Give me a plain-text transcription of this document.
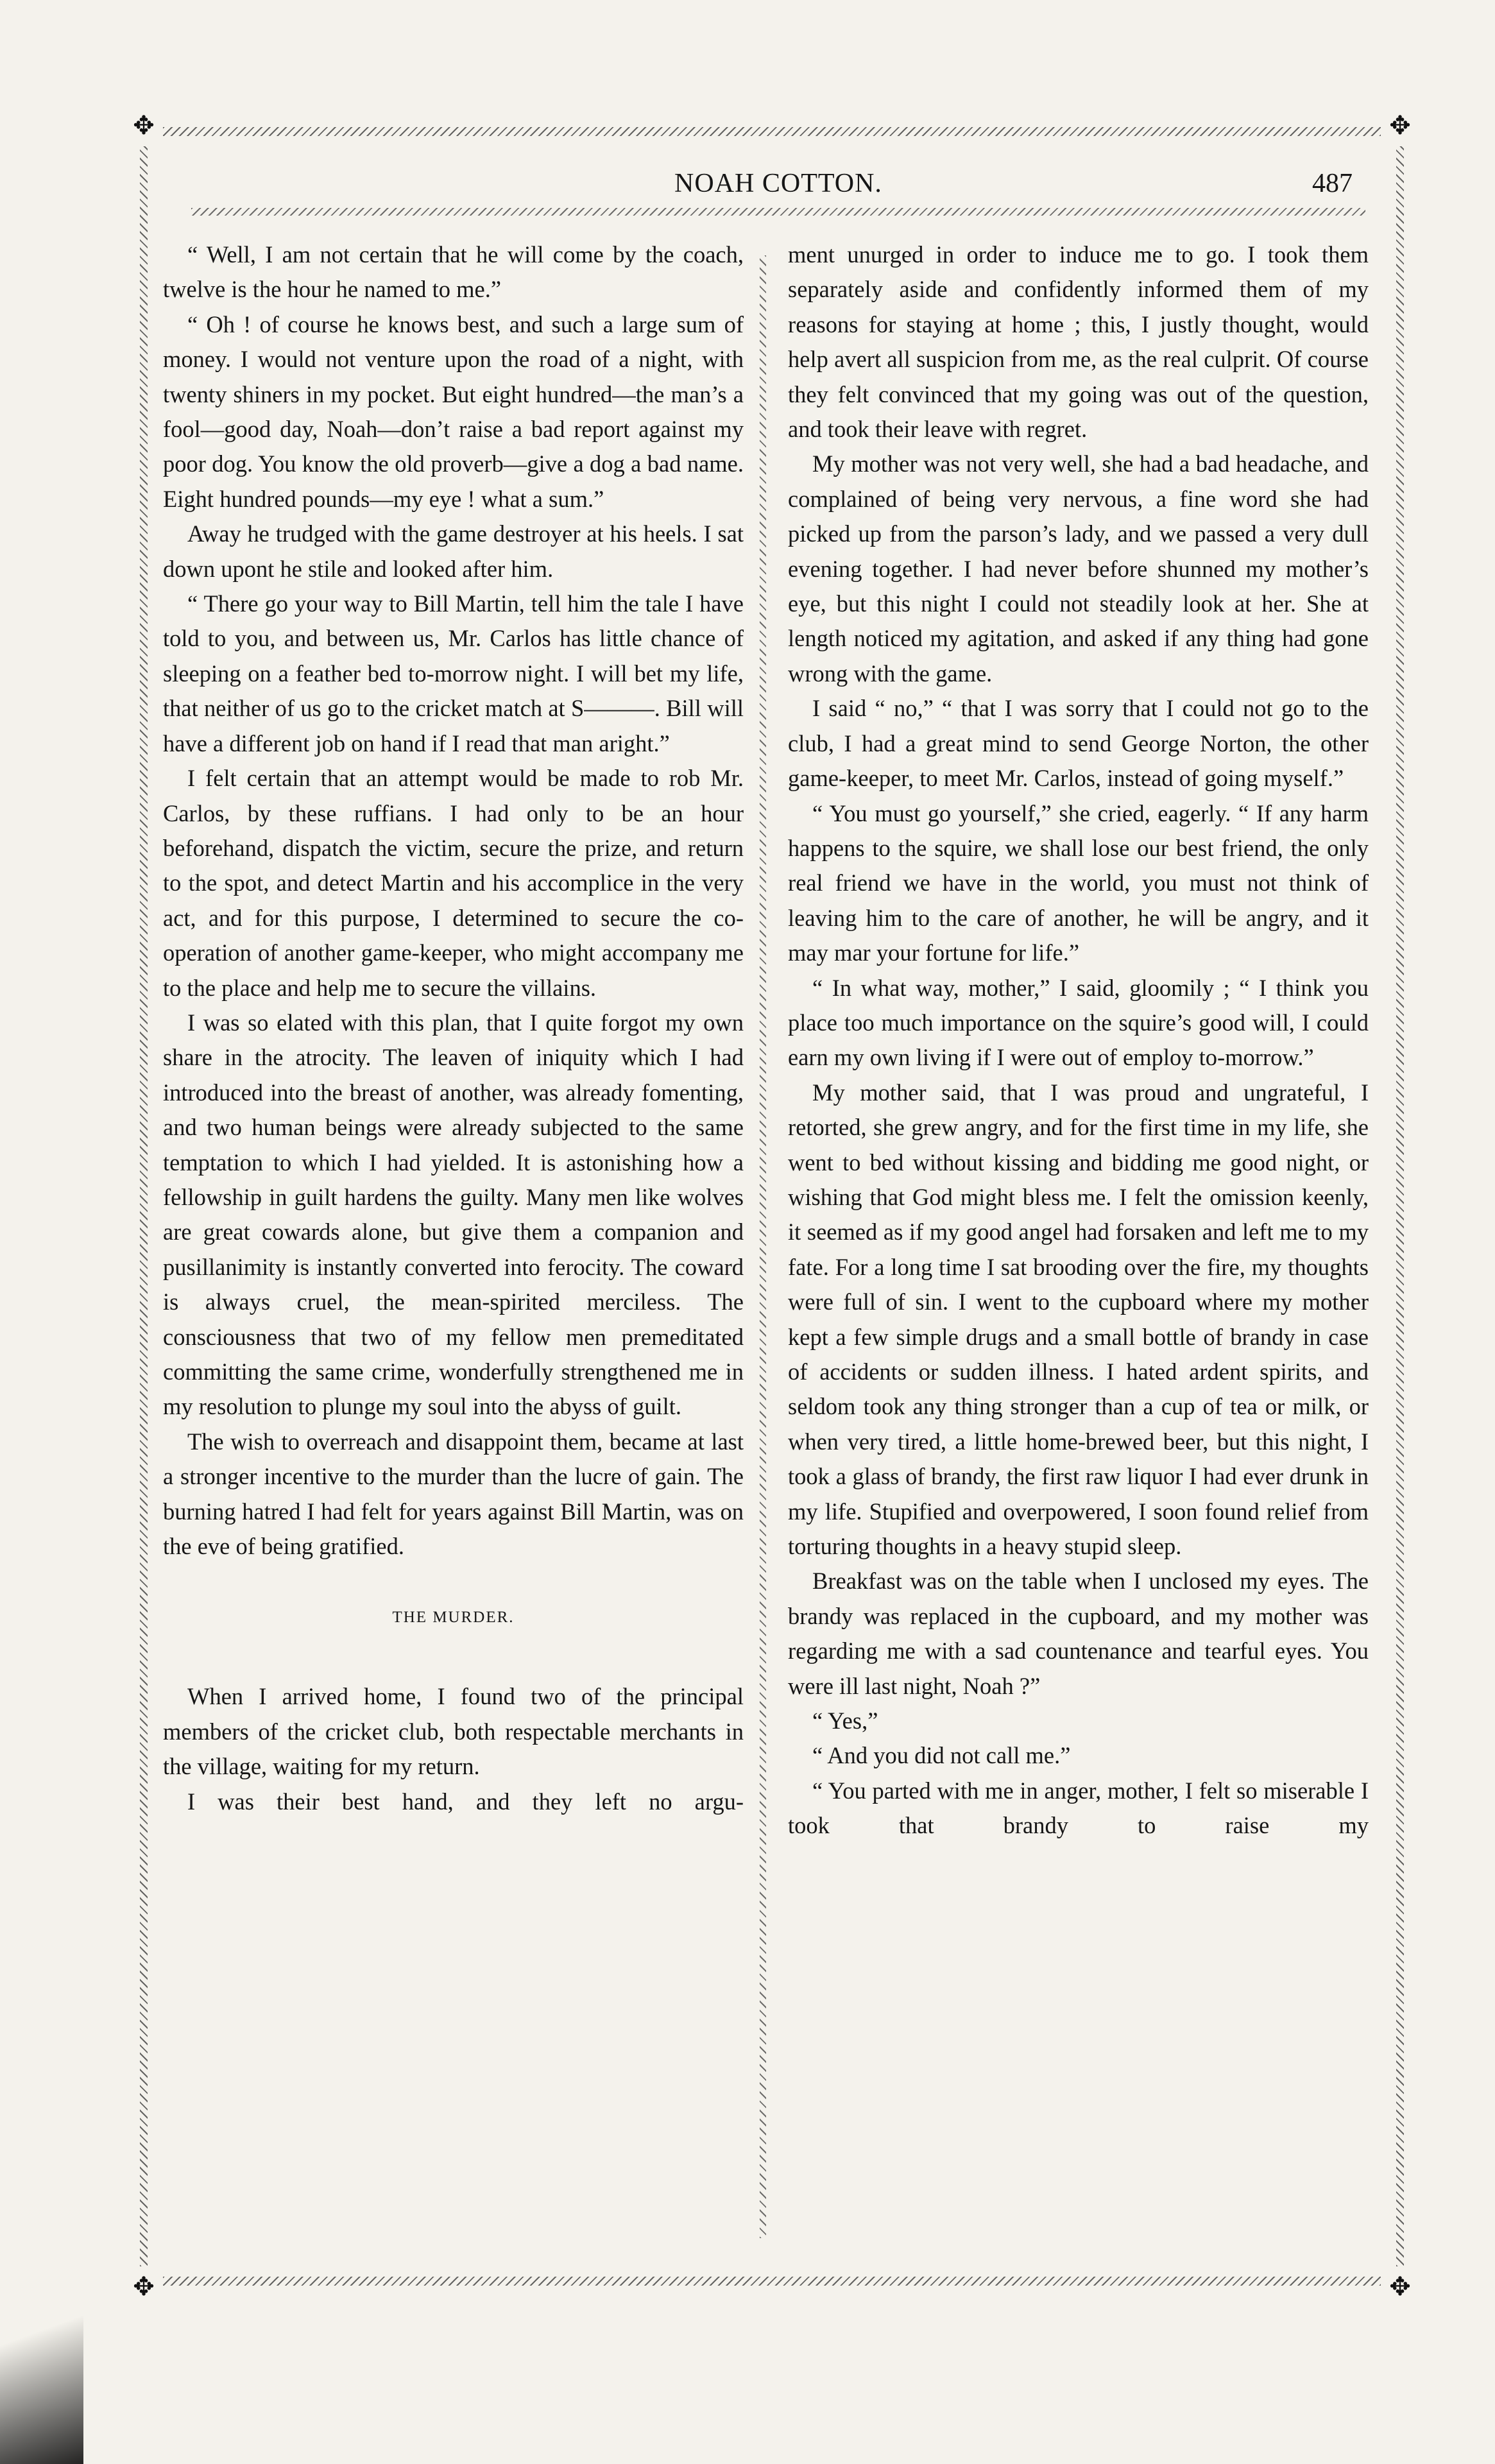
✥	✥
✥	✥
NOAH COTTON.	487

“ Well, I am not certain that he will come by the coach, twelve is the hour he named to me.”

“ Oh ! of course he knows best, and such a large sum of money. I would not venture upon the road of a night, with twenty shiners in my pocket. But eight hundred—the man’s a fool—good day, Noah—don’t raise a bad report against my poor dog. You know the old proverb—give a dog a bad name. Eight hundred pounds—my eye ! what a sum.”

Away he trudged with the game destroyer at his heels. I sat down upont he stile and looked after him.

“ There go your way to Bill Martin, tell him the tale I have told to you, and between us, Mr. Carlos has little chance of sleeping on a feather bed to-morrow night. I will bet my life, that neither of us go to the cricket match at S———. Bill will have a different job on hand if I read that man aright.”

I felt certain that an attempt would be made to rob Mr. Carlos, by these ruffians. I had only to be an hour beforehand, dispatch the victim, secure the prize, and return to the spot, and detect Martin and his accomplice in the very act, and for this purpose, I determined to secure the co-operation of another game-keeper, who might accompany me to the place and help me to secure the villains.

I was so elated with this plan, that I quite forgot my own share in the atrocity. The leaven of iniquity which I had introduced into the breast of another, was already fomenting, and two human beings were already subjected to the same temptation to which I had yielded. It is astonishing how a fellowship in guilt hardens the guilty. Many men like wolves are great cowards alone, but give them a companion and pusillanimity is instantly converted into ferocity. The coward is always cruel, the mean-spirited merciless. The consciousness that two of my fellow men premeditated committing the same crime, wonderfully strengthened me in my resolution to plunge my soul into the abyss of guilt.

The wish to overreach and disappoint them, became at last a stronger incentive to the murder than the lucre of gain. The burning hatred I had felt for years against Bill Martin, was on the eve of being gratified.

THE MURDER.

When I arrived home, I found two of the principal members of the cricket club, both respectable merchants in the village, waiting for my return.

I was their best hand, and they left no argu-

ment unurged in order to induce me to go. I took them separately aside and confidently informed them of my reasons for staying at home ; this, I justly thought, would help avert all suspicion from me, as the real culprit. Of course they felt convinced that my going was out of the question, and took their leave with regret.

My mother was not very well, she had a bad headache, and complained of being very nervous, a fine word she had picked up from the parson’s lady, and we passed a very dull evening together. I had never before shunned my mother’s eye, but this night I could not steadily look at her. She at length noticed my agitation, and asked if any thing had gone wrong with the game.

I said “ no,” “ that I was sorry that I could not go to the club, I had a great mind to send George Norton, the other game-keeper, to meet Mr. Carlos, instead of going myself.”

“ You must go yourself,” she cried, eagerly. “ If any harm happens to the squire, we shall lose our best friend, the only real friend we have in the world, you must not think of leaving him to the care of another, he will be angry, and it may mar your fortune for life.”

“ In what way, mother,” I said, gloomily ; “ I think you place too much importance on the squire’s good will, I could earn my own living if I were out of employ to-morrow.”

My mother said, that I was proud and ungrateful, I retorted, she grew angry, and for the first time in my life, she went to bed without kissing and bidding me good night, or wishing that God might bless me. I felt the omission keenly, it seemed as if my good angel had forsaken and left me to my fate. For a long time I sat brooding over the fire, my thoughts were full of sin. I went to the cupboard where my mother kept a few simple drugs and a small bottle of brandy in case of accidents or sudden illness. I hated ardent spirits, and seldom took any thing stronger than a cup of tea or milk, or when very tired, a little home-brewed beer, but this night, I took a glass of brandy, the first raw liquor I had ever drunk in my life. Stupified and overpowered, I soon found relief from torturing thoughts in a heavy stupid sleep.

Breakfast was on the table when I unclosed my eyes. The brandy was replaced in the cupboard, and my mother was regarding me with a sad countenance and tearful eyes. You were ill last night, Noah ?”

“ Yes,”

“ And you did not call me.”

“ You parted with me in anger, mother, I felt so miserable I took that brandy to raise my
